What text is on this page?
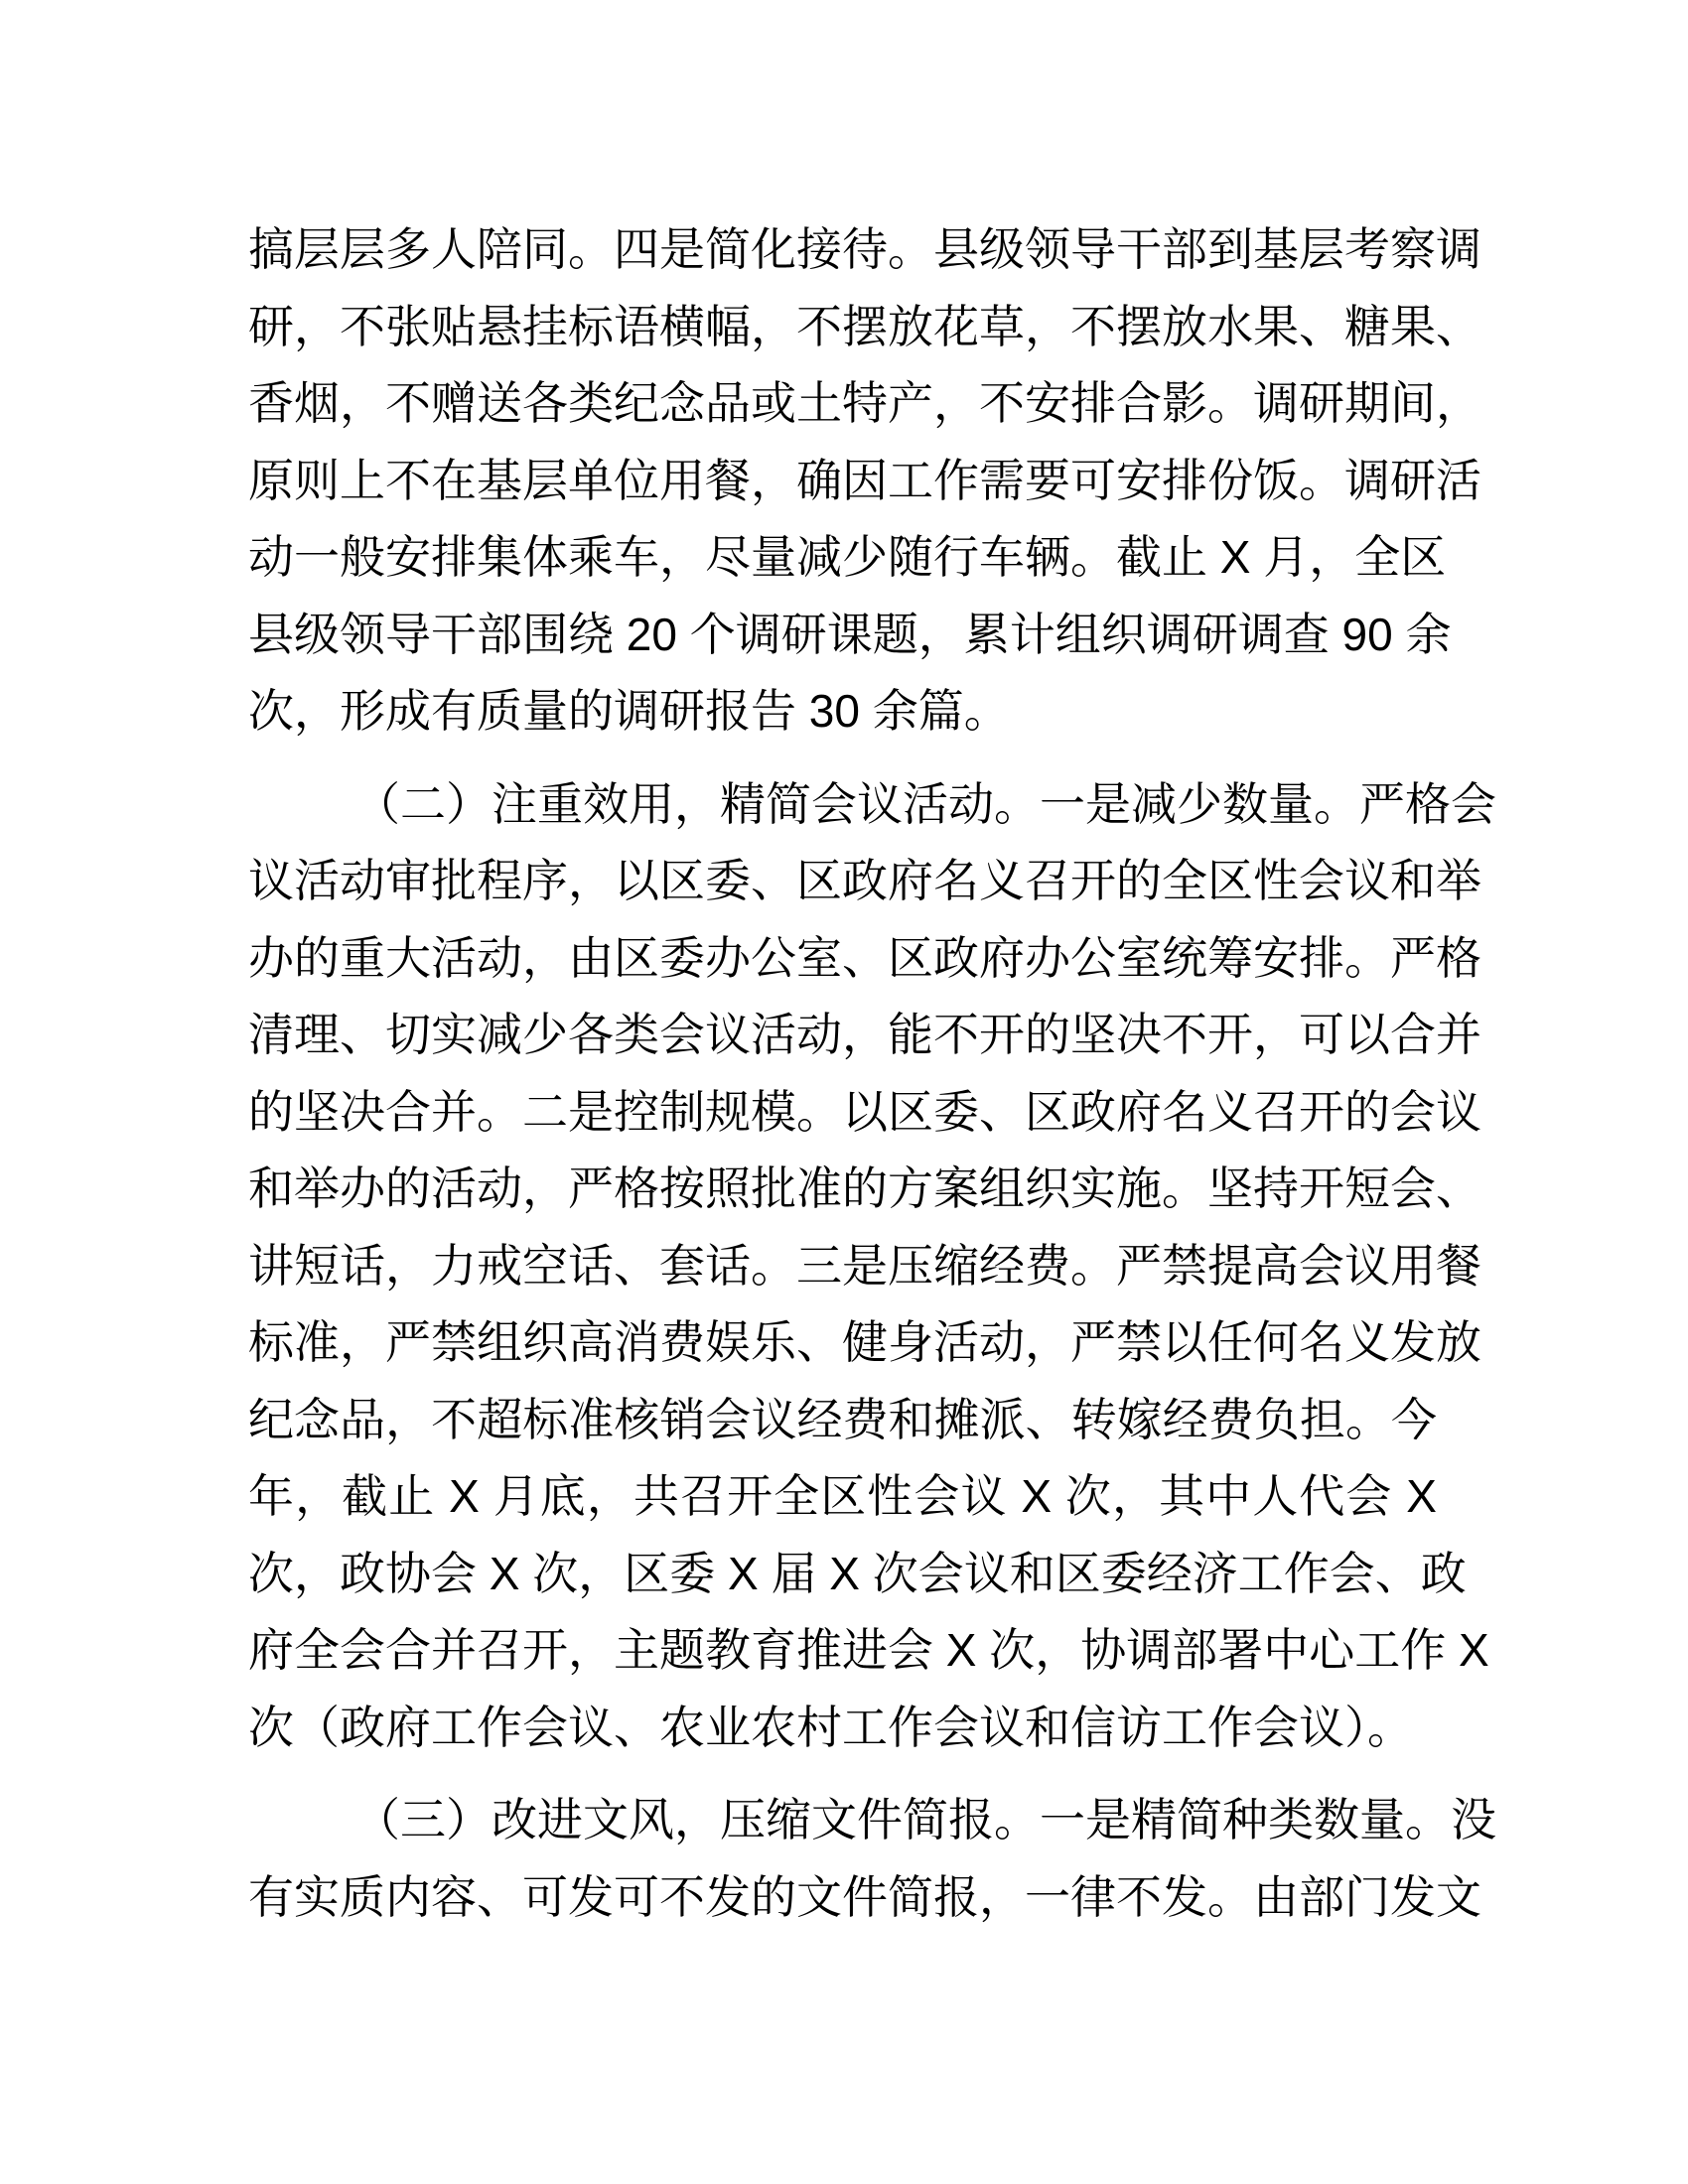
搞层层多人陪同。四是简化接待。县级领导干部到基层考察调
研，不张贴悬挂标语横幅，不摆放花草，不摆放水果、糖果、
香烟，不赠送各类纪念品或土特产，不安排合影。调研期间，
原则上不在基层单位用餐，确因工作需要可安排份饭。调研活
动一般安排集体乘车，尽量减少随行车辆。截止 X 月，全区
县级领导干部围绕 20 个调研课题，累计组织调研调查 90 余
次，形成有质量的调研报告 30 余篇。

（二）注重效用，精简会议活动。一是减少数量。严格会
议活动审批程序，以区委、区政府名义召开的全区性会议和举
办的重大活动，由区委办公室、区政府办公室统筹安排。严格
清理、切实减少各类会议活动，能不开的坚决不开，可以合并
的坚决合并。二是控制规模。以区委、区政府名义召开的会议
和举办的活动，严格按照批准的方案组织实施。坚持开短会、
讲短话，力戒空话、套话。三是压缩经费。严禁提高会议用餐
标准，严禁组织高消费娱乐、健身活动，严禁以任何名义发放
纪念品，不超标准核销会议经费和摊派、转嫁经费负担。今
年，截止 X 月底，共召开全区性会议 X 次，其中人代会 X
次，政协会 X 次，区委 X 届 X 次会议和区委经济工作会、政
府全会合并召开，主题教育推进会 X 次，协调部署中心工作 X
次（政府工作会议、农业农村工作会议和信访工作会议）。

（三）改进文风，压缩文件简报。一是精简种类数量。没
有实质内容、可发可不发的文件简报，一律不发。由部门发文
